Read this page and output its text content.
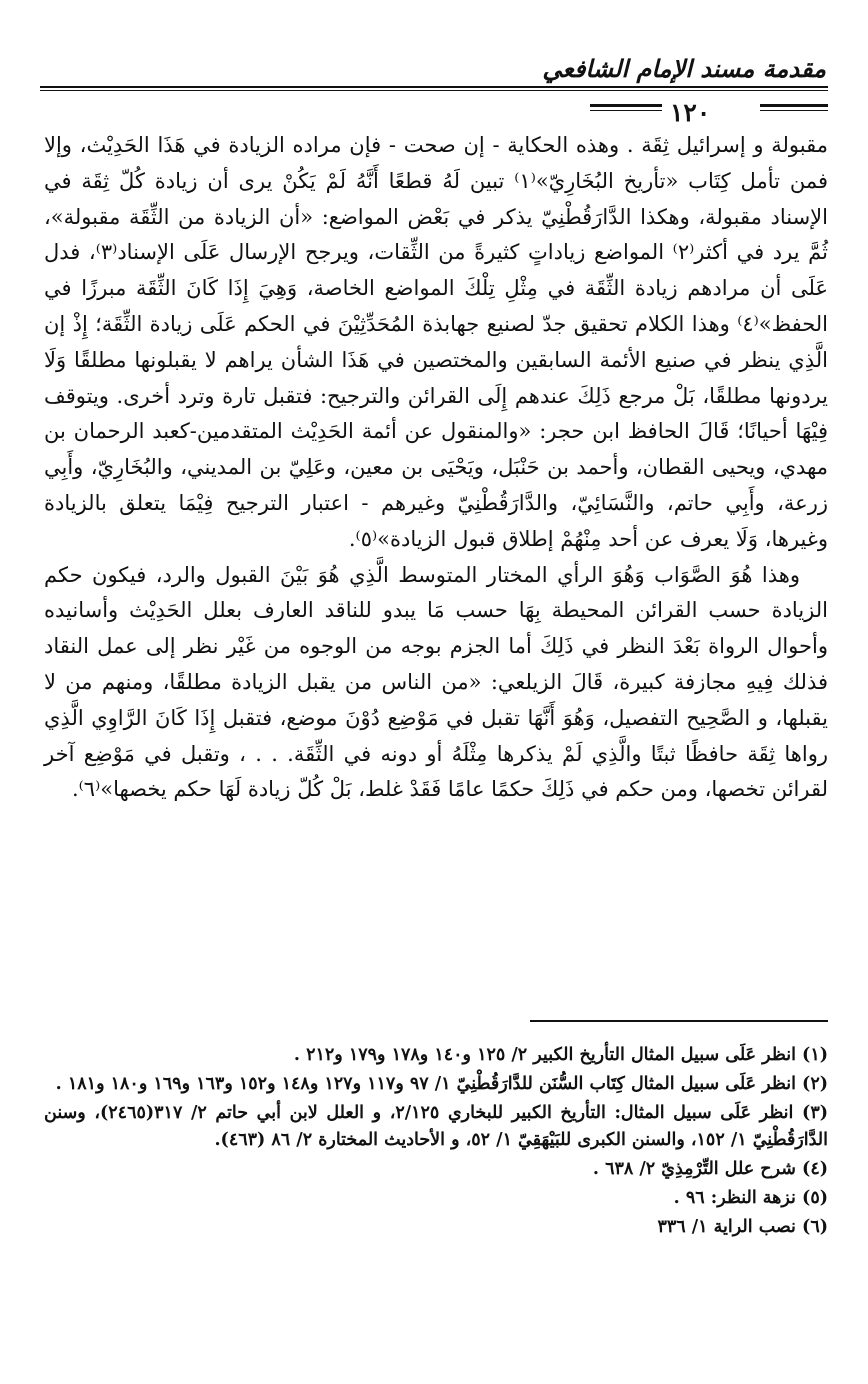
مقدمة مسند الإمام الشافعي
١٢٠

مقبولة و إسرائيل ثِقَة . وهذه الحكاية - إن صحت - فإن مراده الزيادة في هَذَا الحَدِيْث، وإلا فمن تأمل كِتَاب «تأريخ البُخَارِيّ»⁽١⁾ تبين لَهُ قطعًا أَنَّهُ لَمْ يَكُنْ يرى أن زيادة كُلّ ثِقَة في الإسناد مقبولة، وهكذا الدَّارَقُطْنِيّ يذكر في بَعْض المواضع: «أن الزيادة من الثِّقَة مقبولة»، ثُمَّ يرد في أكثر⁽٢⁾ المواضع زياداتٍ كثيرةً من الثِّقات، ويرجح الإرسال عَلَى الإسناد⁽٣⁾، فدل عَلَى أن مرادهم زيادة الثِّقَة في مِثْلِ تِلْكَ المواضع الخاصة، وَهِيَ إِذَا كَانَ الثِّقَة مبرزًا في الحفظ»⁽٤⁾ وهذا الكلام تحقيق جدّ لصنيع جهابذة المُحَدِّثِيْنَ في الحكم عَلَى زيادة الثِّقَة؛ إِذْ إن الَّذِي ينظر في صنيع الأئمة السابقين والمختصين في هَذَا الشأن يراهم لا يقبلونها مطلقًا وَلَا يردونها مطلقًا، بَلْ مرجع ذَلِكَ عندهم إِلَى القرائن والترجيح: فتقبل تارة وترد أخرى. ويتوقف فِيْهَا أحيانًا؛ قَالَ الحافظ ابن حجر: «والمنقول عن أئمة الحَدِيْث المتقدمين-كعبد الرحمان بن مهدي، ويحيى القطان، وأحمد بن حَنْبَل، ويَحْيَى بن معين، وعَلِيّ بن المديني، والبُخَارِيّ، وأَبِي زرعة، وأَبِي حاتم، والنَّسَائِيّ، والدَّارَقُطْنِيّ وغيرهم - اعتبار الترجيح فِيْمَا يتعلق بالزيادة وغيرها، وَلَا يعرف عن أحد مِنْهُمْ إطلاق قبول الزيادة»⁽٥⁾.

وهذا هُوَ الصَّوَاب وَهُوَ الرأي المختار المتوسط الَّذِي هُوَ بَيْنَ القبول والرد، فيكون حكم الزيادة حسب القرائن المحيطة بِهَا حسب مَا يبدو للناقد العارف بعلل الحَدِيْث وأسانيده وأحوال الرواة بَعْدَ النظر في ذَلِكَ أما الجزم بوجه من الوجوه من غَيْر نظر إلى عمل النقاد فذلك فِيهِ مجازفة كبيرة، قَالَ الزيلعي: «من الناس من يقبل الزيادة مطلقًا، ومنهم من لا يقبلها، و الصَّحِيح التفصيل، وَهُوَ أَنَّهَا تقبل في مَوْضِع دُوْنَ موضع، فتقبل إِذَا كَانَ الرَّاوِي الَّذِي رواها ثِقَة حافظًا ثبتًا والَّذِي لَمْ يذكرها مِثْلَهُ أو دونه في الثِّقَة. . . ، وتقبل في مَوْضِع آخر لقرائن تخصها، ومن حكم في ذَلِكَ حكمًا عامًا فَقَدْ غلط، بَلْ كُلّ زيادة لَهَا حكم يخصها»⁽٦⁾.

(١) انظر عَلَى سبيل المثال التأريخ الكبير ٢/ ١٢٥ و١٤٠ و١٧٨ و١٧٩ و٢١٢ .

(٢) انظر عَلَى سبيل المثال كِتَاب السُّنَن للدَّارَقُطْنِيّ ١/ ٩٧ و١١٧ و١٢٧ و١٤٨ و١٥٢ و١٦٣ و١٦٩ و١٨٠ و١٨١ .

(٣) انظر عَلَى سبيل المثال: التأريخ الكبير للبخاري ٢/١٢٥، و العلل لابن أبي حاتم ٢/ ٣١٧(٢٤٦٥)، وسنن الدَّارَقُطْنِيّ ١/ ١٥٢، والسنن الكبرى للبَيْهَقِيّ ١/ ٥٢، و الأحاديث المختارة ٢/ ٨٦ (٤٦٣).

(٤) شرح علل التِّرْمِذِيّ ٢/ ٦٣٨ .

(٥) نزهة النظر: ٩٦ .

(٦) نصب الراية ١/ ٣٣٦
